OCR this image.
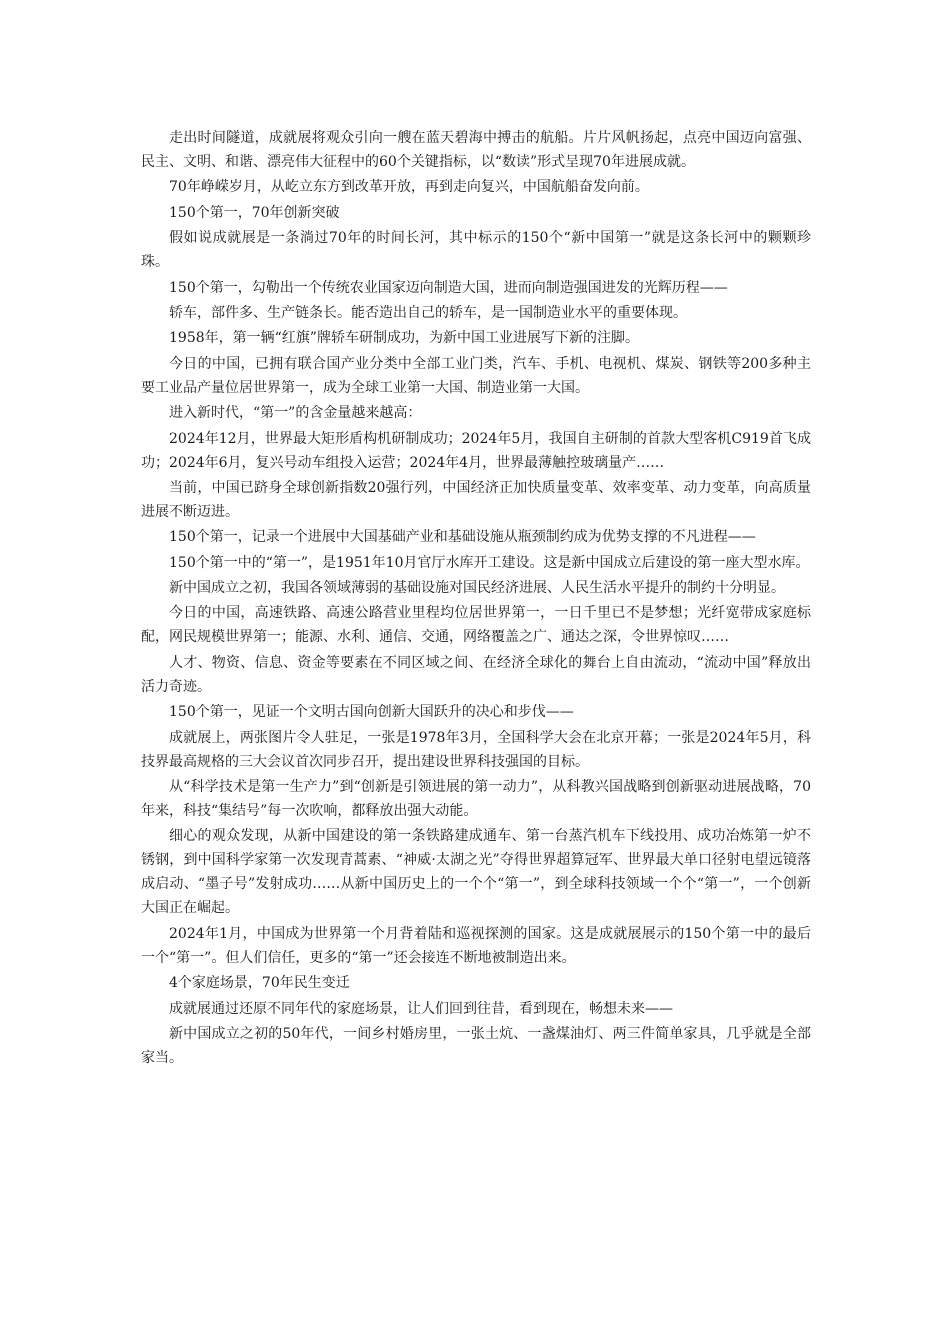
走出时间隧道，成就展将观众引向一艘在蓝天碧海中搏击的航船。片片风帆扬起，点亮中国迈向富强、民主、文明、和谐、漂亮伟大征程中的60个关键指标，以“数读”形式呈现70年进展成就。

70年峥嵘岁月，从屹立东方到改革开放，再到走向复兴，中国航船奋发向前。

150个第一，70年创新突破

假如说成就展是一条淌过70年的时间长河，其中标示的150个“新中国第一”就是这条长河中的颗颗珍珠。

150个第一，勾勒出一个传统农业国家迈向制造大国，进而向制造强国进发的光辉历程——

轿车，部件多、生产链条长。能否造出自己的轿车，是一国制造业水平的重要体现。

1958年，第一辆“红旗”牌轿车研制成功，为新中国工业进展写下新的注脚。

今日的中国，已拥有联合国产业分类中全部工业门类，汽车、手机、电视机、煤炭、钢铁等200多种主要工业品产量位居世界第一，成为全球工业第一大国、制造业第一大国。

进入新时代，“第一”的含金量越来越高：

2024年12月，世界最大矩形盾构机研制成功；2024年5月，我国自主研制的首款大型客机C919首飞成功；2024年6月，复兴号动车组投入运营；2024年4月，世界最薄触控玻璃量产……

当前，中国已跻身全球创新指数20强行列，中国经济正加快质量变革、效率变革、动力变革，向高质量进展不断迈进。

150个第一，记录一个进展中大国基础产业和基础设施从瓶颈制约成为优势支撑的不凡进程——

150个第一中的“第一”，是1951年10月官厅水库开工建设。这是新中国成立后建设的第一座大型水库。

新中国成立之初，我国各领域薄弱的基础设施对国民经济进展、人民生活水平提升的制约十分明显。

今日的中国，高速铁路、高速公路营业里程均位居世界第一，一日千里已不是梦想；光纤宽带成家庭标配，网民规模世界第一；能源、水利、通信、交通，网络覆盖之广、通达之深，令世界惊叹……

人才、物资、信息、资金等要素在不同区域之间、在经济全球化的舞台上自由流动，“流动中国”释放出活力奇迹。

150个第一，见证一个文明古国向创新大国跃升的决心和步伐——

成就展上，两张图片令人驻足，一张是1978年3月，全国科学大会在北京开幕；一张是2024年5月，科技界最高规格的三大会议首次同步召开，提出建设世界科技强国的目标。

从“科学技术是第一生产力”到“创新是引领进展的第一动力”，从科教兴国战略到创新驱动进展战略，70年来，科技“集结号”每一次吹响，都释放出强大动能。

细心的观众发现，从新中国建设的第一条铁路建成通车、第一台蒸汽机车下线投用、成功冶炼第一炉不锈钢，到中国科学家第一次发现青蒿素、“神威·太湖之光”夺得世界超算冠军、世界最大单口径射电望远镜落成启动、“墨子号”发射成功……从新中国历史上的一个个“第一”，到全球科技领域一个个“第一”，一个创新大国正在崛起。

2024年1月，中国成为世界第一个月背着陆和巡视探测的国家。这是成就展展示的150个第一中的最后一个“第一”。但人们信任，更多的“第一”还会接连不断地被制造出来。

4个家庭场景，70年民生变迁

成就展通过还原不同年代的家庭场景，让人们回到往昔，看到现在，畅想未来——

新中国成立之初的50年代，一间乡村婚房里，一张土炕、一盏煤油灯、两三件简单家具，几乎就是全部家当。
